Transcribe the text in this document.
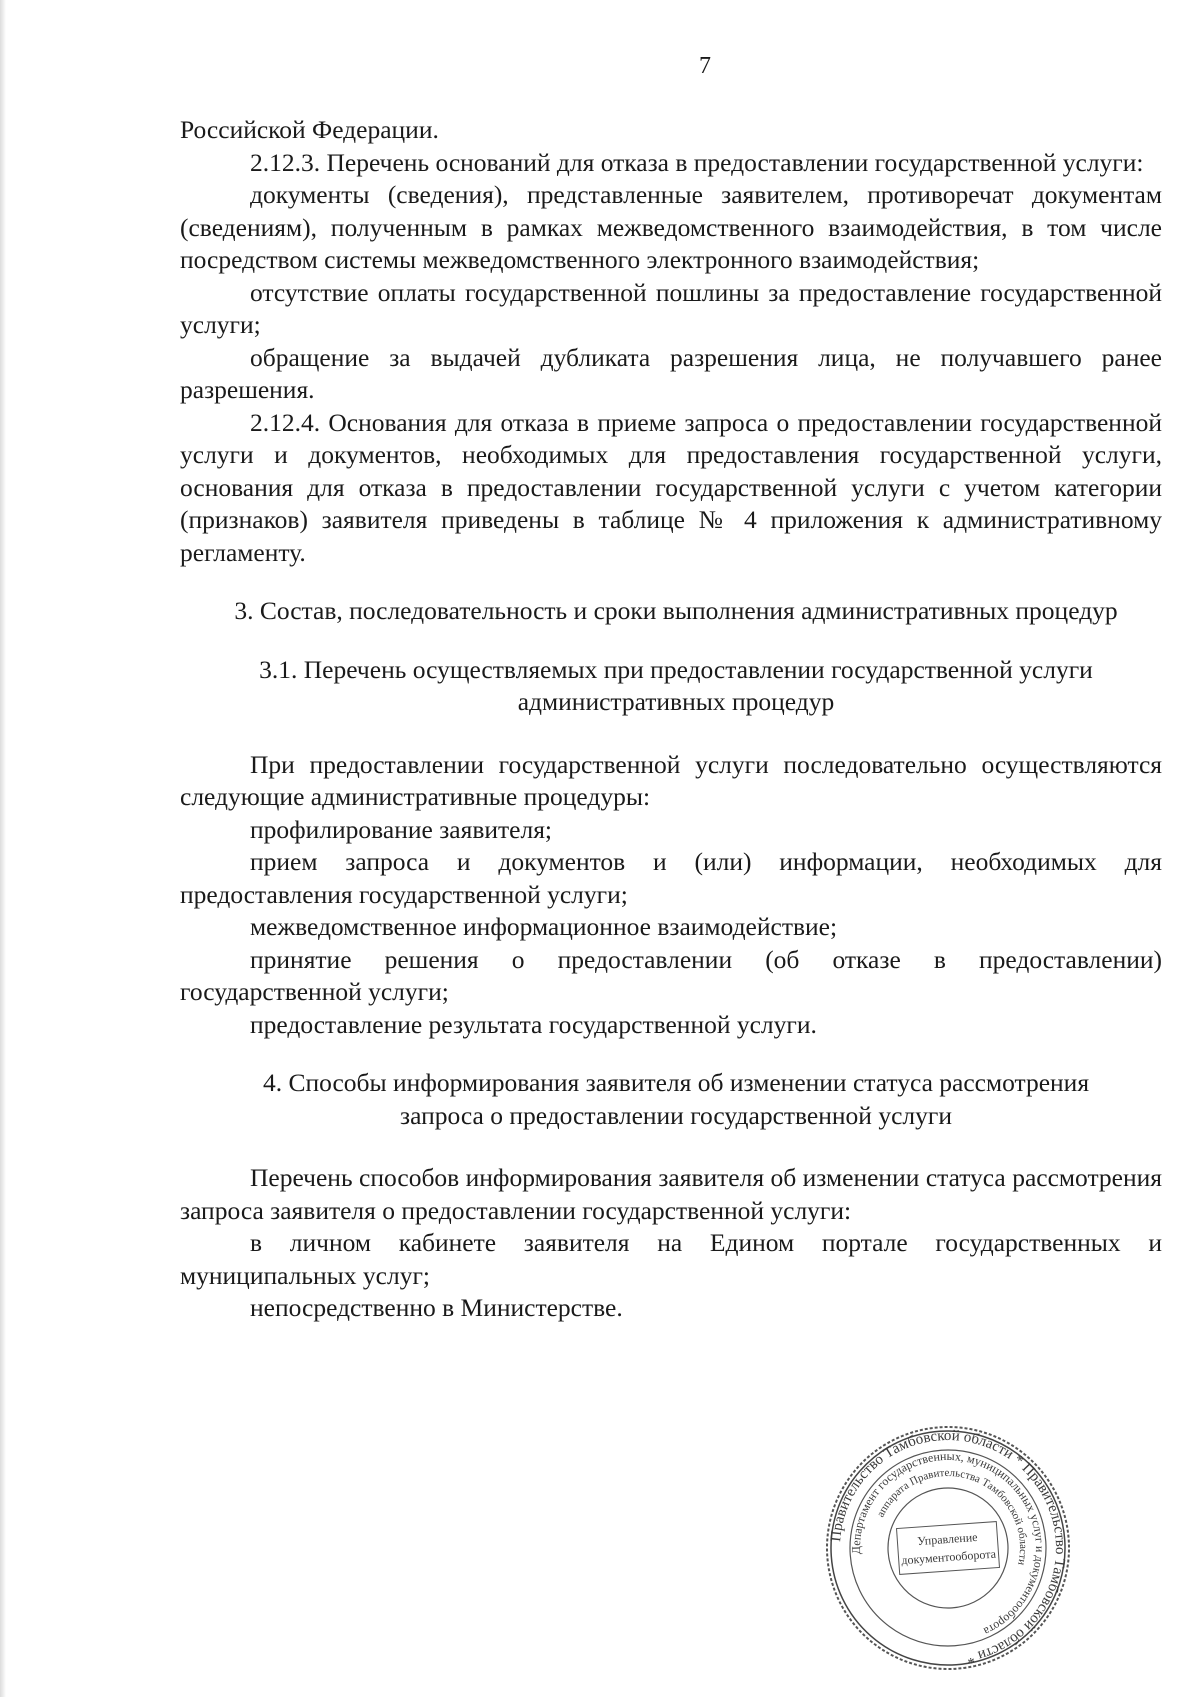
7

Российской Федерации.

2.12.3. Перечень оснований для отказа в предоставлении государственной услуги:

документы (сведения), представленные заявителем, противоречат документам (сведениям), полученным в рамках межведомственного взаимодействия, в том числе посредством системы межведомственного электронного взаимодействия;

отсутствие оплаты государственной пошлины за предоставление государственной услуги;

обращение за выдачей дубликата разрешения лица, не получавшего ранее разрешения.

2.12.4. Основания для отказа в приеме запроса о предоставлении государственной услуги и документов, необходимых для предоставления государственной услуги, основания для отказа в предоставлении государственной услуги с учетом категории (признаков) заявителя приведены в таблице № 4 приложения к административному регламенту.

3. Состав, последовательность и сроки выполнения административных процедур
3.1. Перечень осуществляемых при предоставлении государственной услуги административных процедур

При предоставлении государственной услуги последовательно осуществляются следующие административные процедуры:

профилирование заявителя;

прием запроса и документов и (или) информации, необходимых для предоставления государственной услуги;

межведомственное информационное взаимодействие;

принятие решения о предоставлении (об отказе в предоставлении) государственной услуги;

предоставление результата государственной услуги.

4. Способы информирования заявителя об изменении статуса рассмотрения запроса о предоставлении государственной услуги

Перечень способов информирования заявителя об изменении статуса рассмотрения запроса заявителя о предоставлении государственной услуги:

в личном кабинете заявителя на Едином портале государственных и муниципальных услуг;

непосредственно в Министерстве.

Правительство Тамбовской области * Правительство Тамбовской области *
Департамент государственных, муниципальных услуг и документооборота
аппарата Правительства Тамбовской области
Управление
документооборота
